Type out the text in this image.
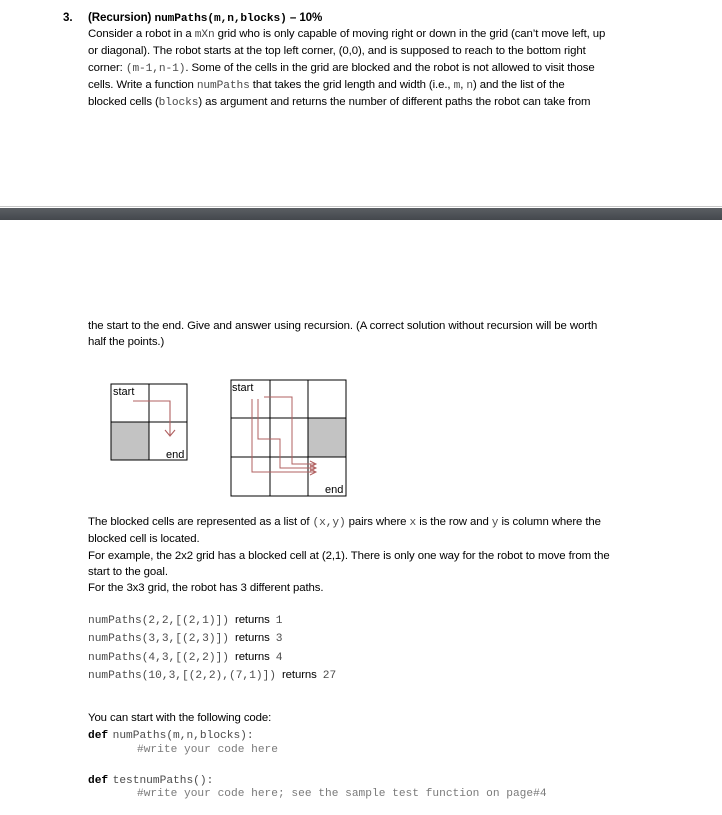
3. (Recursion) numPaths(m,n,blocks) – 10%
Consider a robot in a mXn grid who is only capable of moving right or down in the grid (can’t move left, up
or diagonal). The robot starts at the top left corner, (0,0), and is supposed to reach to the bottom right
corner: (m-1,n-1). Some of the cells in the grid are blocked and the robot is not allowed to visit those
cells. Write a function numPaths that takes the grid length and width (i.e., m, n) and the list of the
blocked cells (blocks) as argument and returns the number of different paths the robot can take from
the start to the end. Give and answer using recursion. (A correct solution without recursion will be worth
half the points.)
start
end
start
end
The blocked cells are represented as a list of (x,y) pairs where x is the row and y is column where the
blocked cell is located.
For example, the 2x2 grid has a blocked cell at (2,1). There is only one way for the robot to move from the
start to the goal.
For the 3x3 grid, the robot has 3 different paths.
numPaths(2,2,[(2,1)]) returns 1
numPaths(3,3,[(2,3)]) returns 3
numPaths(4,3,[(2,2)]) returns 4
numPaths(10,3,[(2,2),(7,1)]) returns 27
You can start with the following code:
def numPaths(m,n,blocks):
#write your code here
def testnumPaths():
#write your code here; see the sample test function on page#4
